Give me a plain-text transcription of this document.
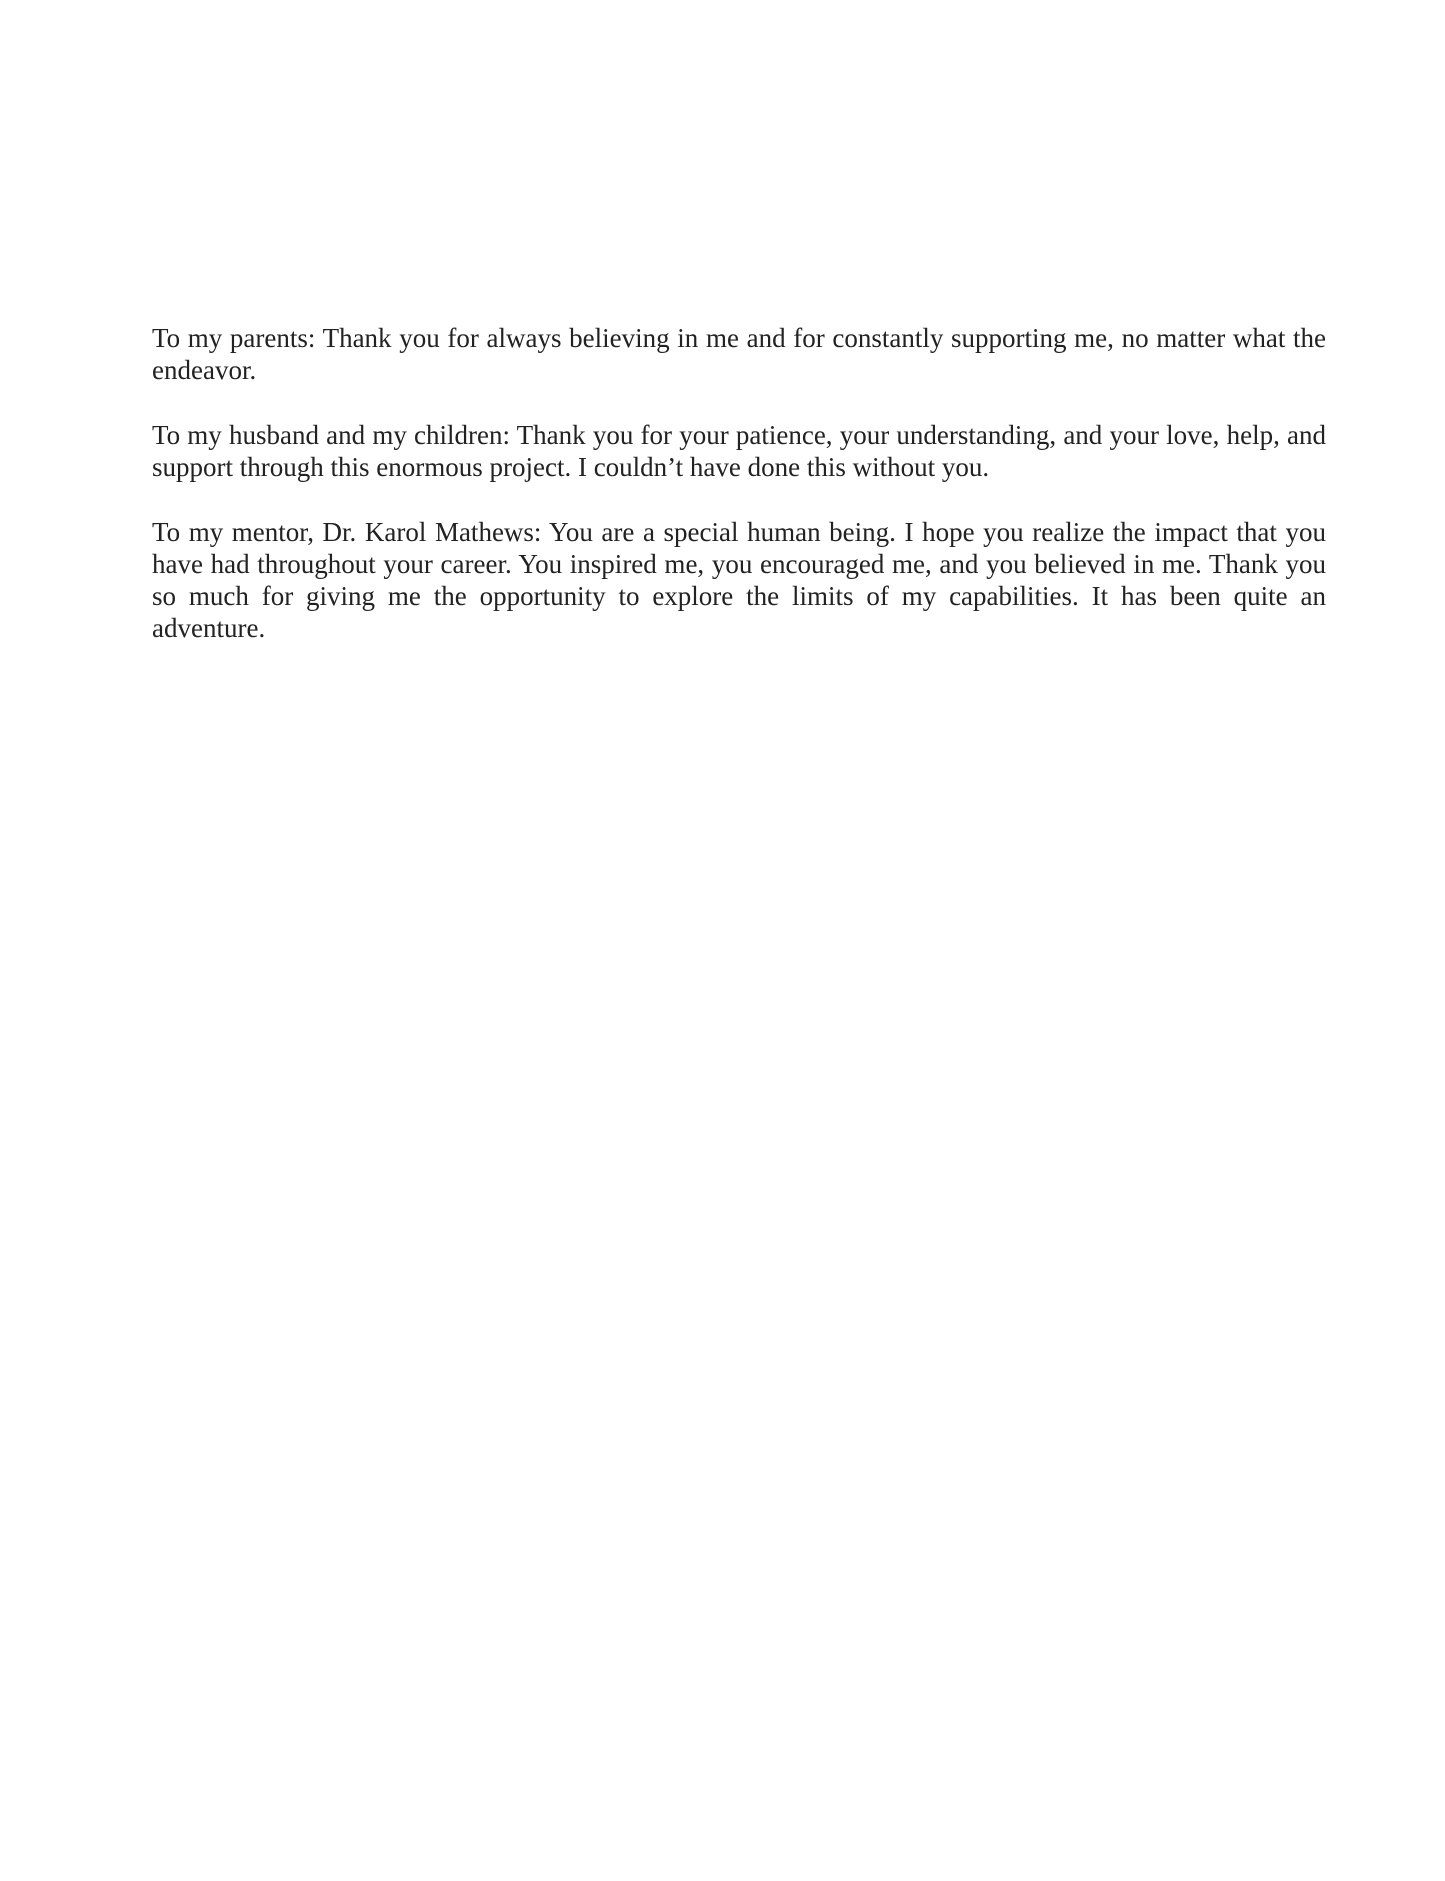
To my parents: Thank you for always believing in me and for constantly supporting me, no matter what the endeavor.

To my husband and my children: Thank you for your patience, your understanding, and your love, help, and support through this enormous project. I couldn’t have done this without you.

To my mentor, Dr. Karol Mathews: You are a special human being. I hope you realize the impact that you have had throughout your career. You inspired me, you encouraged me, and you believed in me. Thank you so much for giving me the opportunity to explore the limits of my capabilities. It has been quite an adventure.
